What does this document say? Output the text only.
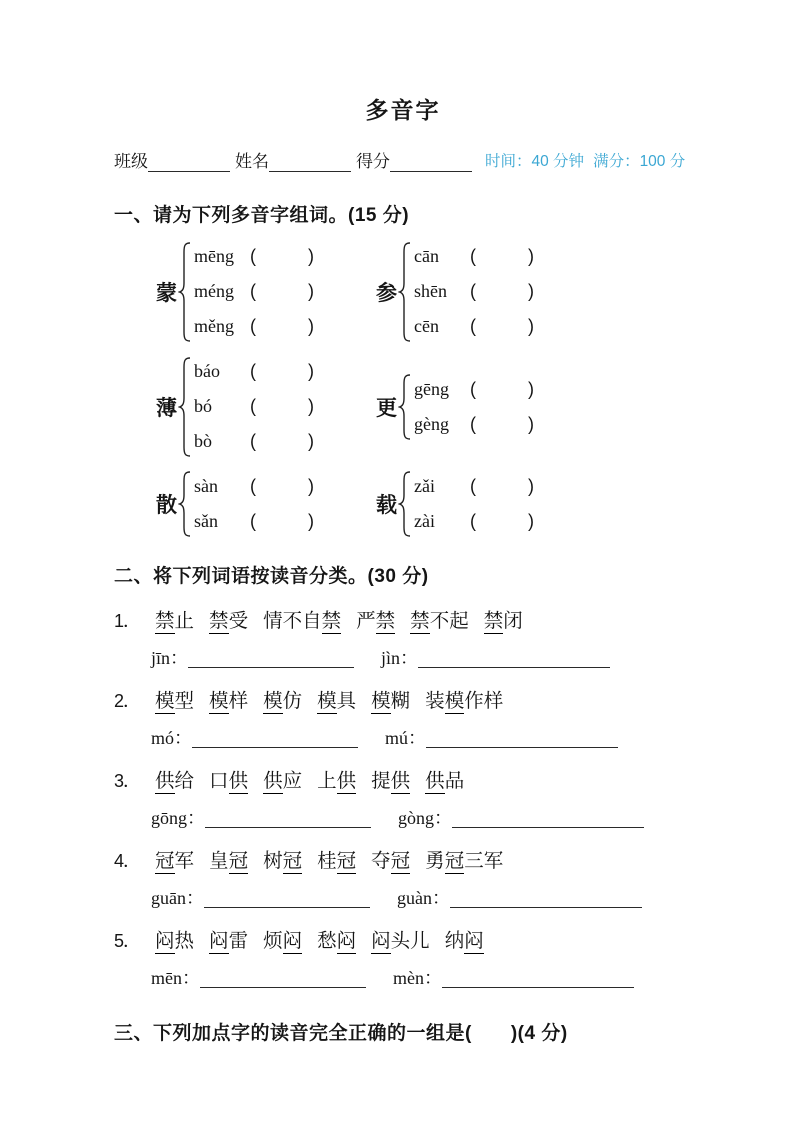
多音字
班级	姓名	得分	时间：40 分钟 满分：100 分
一、请为下列多音字组词。(15 分)
蒙
mēng (	)
méng (	)
měng (	)
参
cān	(	)
shēn	(	)
cēn	(	)
薄
báo	(	)
bó	(	)
bò	(	)
更
gēng	(	)
gèng	(	)
散
sàn	(	)
sǎn	(	)
载
zǎi	(	)
zài	(	)
二、将下列词语按读音分类。(30 分)
1． 禁止 禁受 情不自禁 严禁 禁不起 禁闭
jīn：	jìn：
2． 模型 模样 模仿 模具 模糊 装模作样
mó：	mú：
3． 供给 口供 供应 上供 提供 供品
gōng：	gòng：
4． 冠军 皇冠 树冠 桂冠 夺冠 勇冠三军
guān：	guàn：
5． 闷热 闷雷 烦闷 愁闷 闷头儿 纳闷
mēn：	mèn：
三、下列加点字的读音完全正确的一组是(　　)(4 分)
